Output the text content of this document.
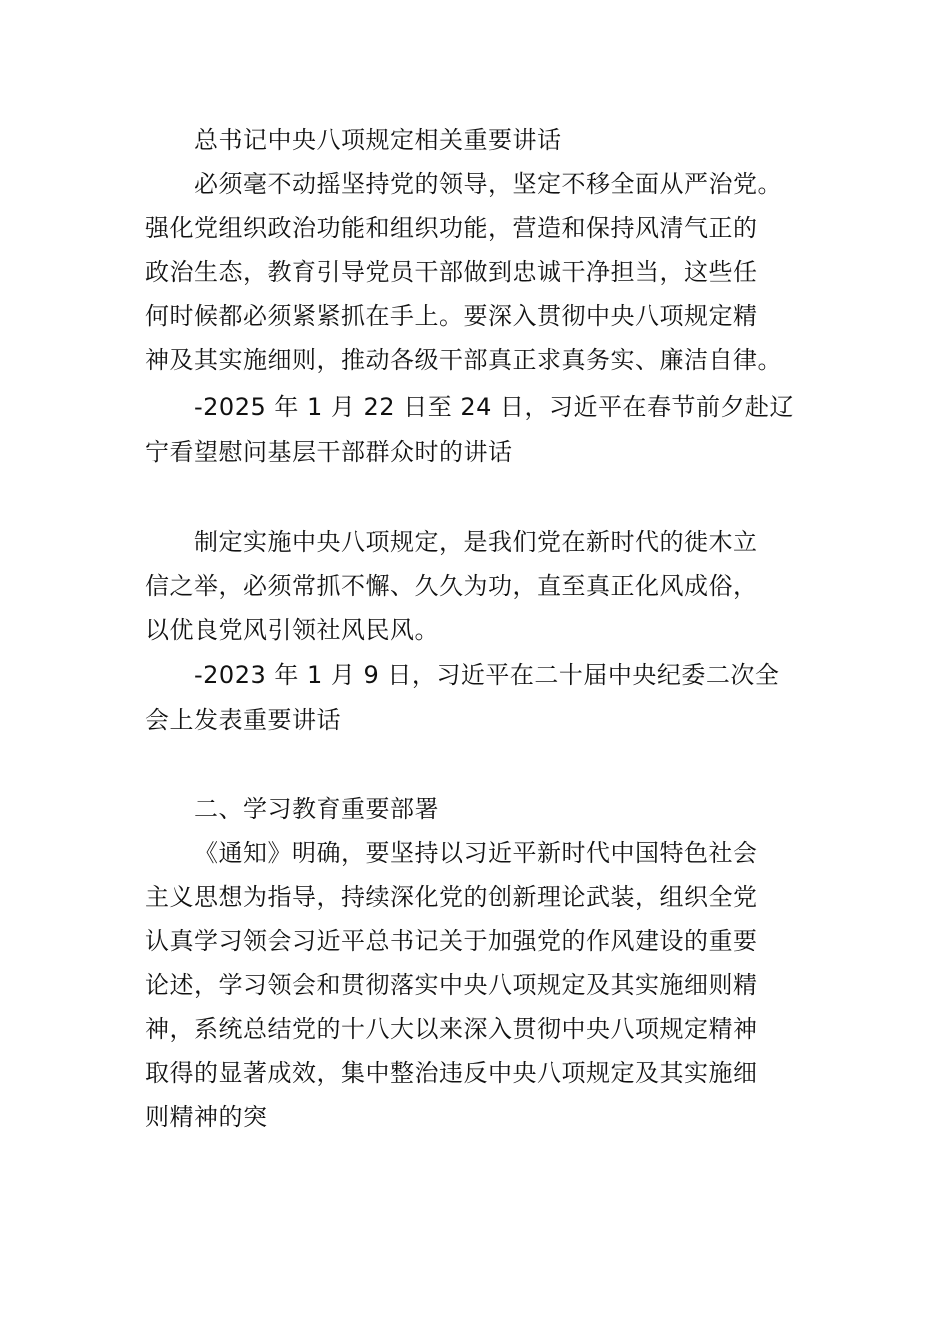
总书记中央八项规定相关重要讲话
必须毫不动摇坚持党的领导，坚定不移全面从严治党。
强化党组织政治功能和组织功能，营造和保持风清气正的
政治生态，教育引导党员干部做到忠诚干净担当，这些任
何时候都必须紧紧抓在手上。要深入贯彻中央八项规定精
神及其实施细则，推动各级干部真正求真务实、廉洁自律。
-2025 年 1 月 22 日至 24 日，习近平在春节前夕赴辽
宁看望慰问基层干部群众时的讲话
制定实施中央八项规定，是我们党在新时代的徙木立
信之举，必须常抓不懈、久久为功，直至真正化风成俗，
以优良党风引领社风民风。
-2023 年 1 月 9 日，习近平在二十届中央纪委二次全
会上发表重要讲话
二、学习教育重要部署
《通知》明确，要坚持以习近平新时代中国特色社会
主义思想为指导，持续深化党的创新理论武装，组织全党
认真学习领会习近平总书记关于加强党的作风建设的重要
论述，学习领会和贯彻落实中央八项规定及其实施细则精
神，系统总结党的十八大以来深入贯彻中央八项规定精神
取得的显著成效，集中整治违反中央八项规定及其实施细
则精神的突
